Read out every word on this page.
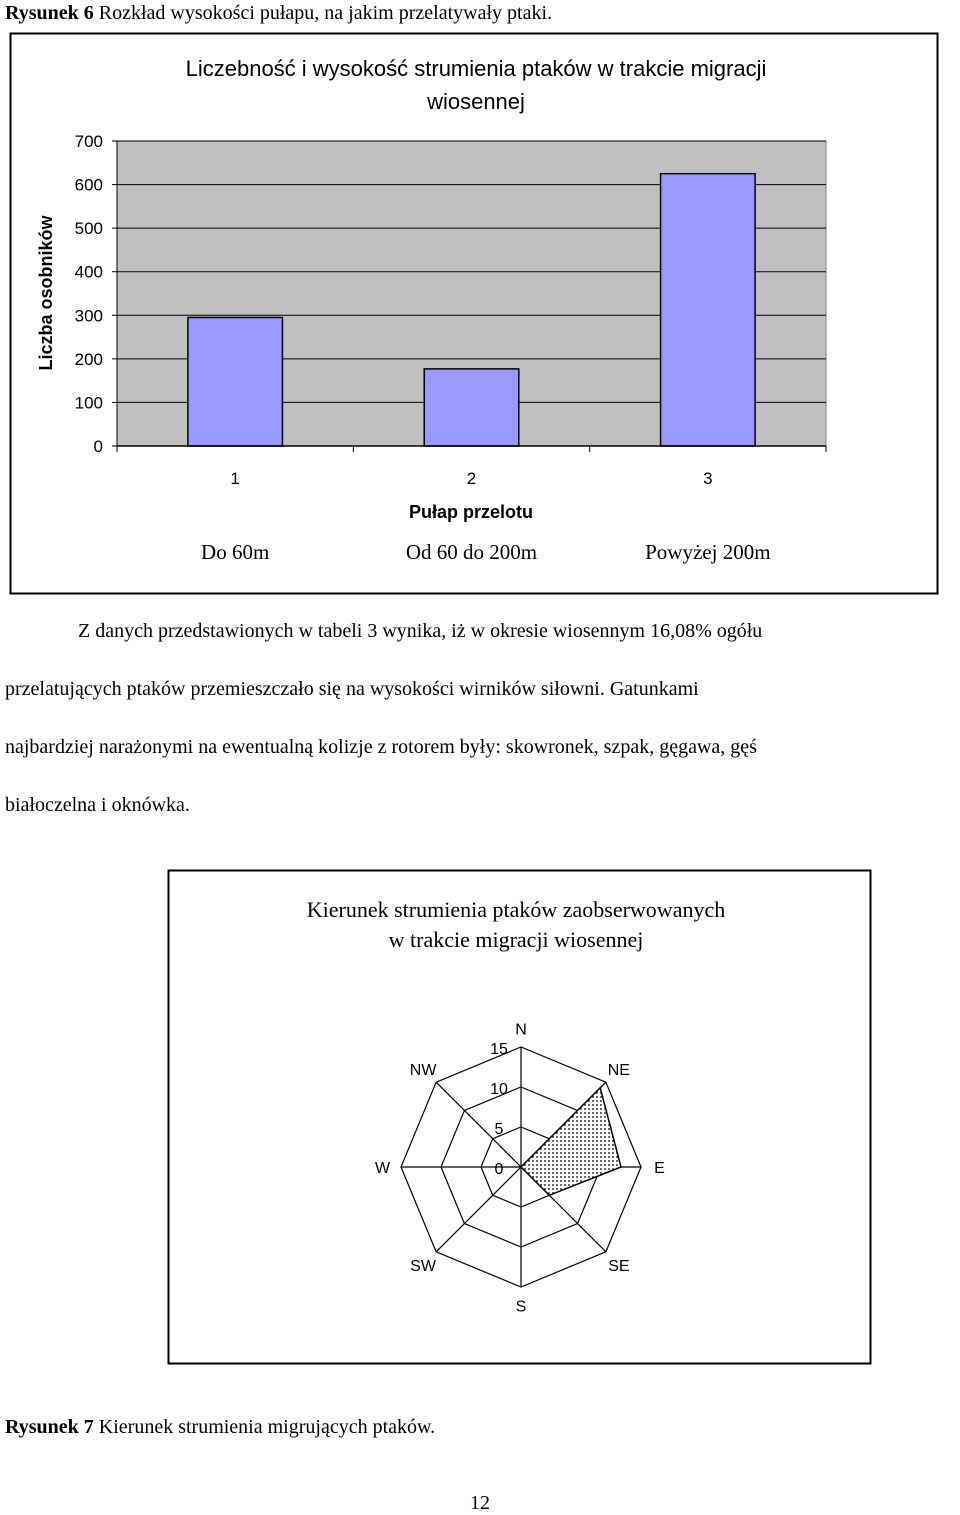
Rysunek 6 Rozkład wysokości pułapu, na jakim przelatywały ptaki.
Liczebność i wysokość strumienia ptaków w trakcie migracji
wiosennej
0
100
200
300
400
500
600
700
1	2	3
Liczba osobników
Pułap przelotu
Do 60m	Od 60 do 200m	Powyżej 200m

Z danych przedstawionych w tabeli 3 wynika, iż w okresie wiosennym 16,08% ogółu

przelatujących ptaków przemieszczało się na wysokości wirników siłowni. Gatunkami

najbardziej narażonymi na ewentualną kolizje z rotorem były: skowronek, szpak, gęgawa, gęś

białoczelna i oknówka.

Kierunek strumienia ptaków zaobserwowanych
w trakcie migracji wiosennej
0
5
10
15
N
NE
E
SE
S
SW
W
NW
Rysunek 7 Kierunek strumienia migrujących ptaków.
12
